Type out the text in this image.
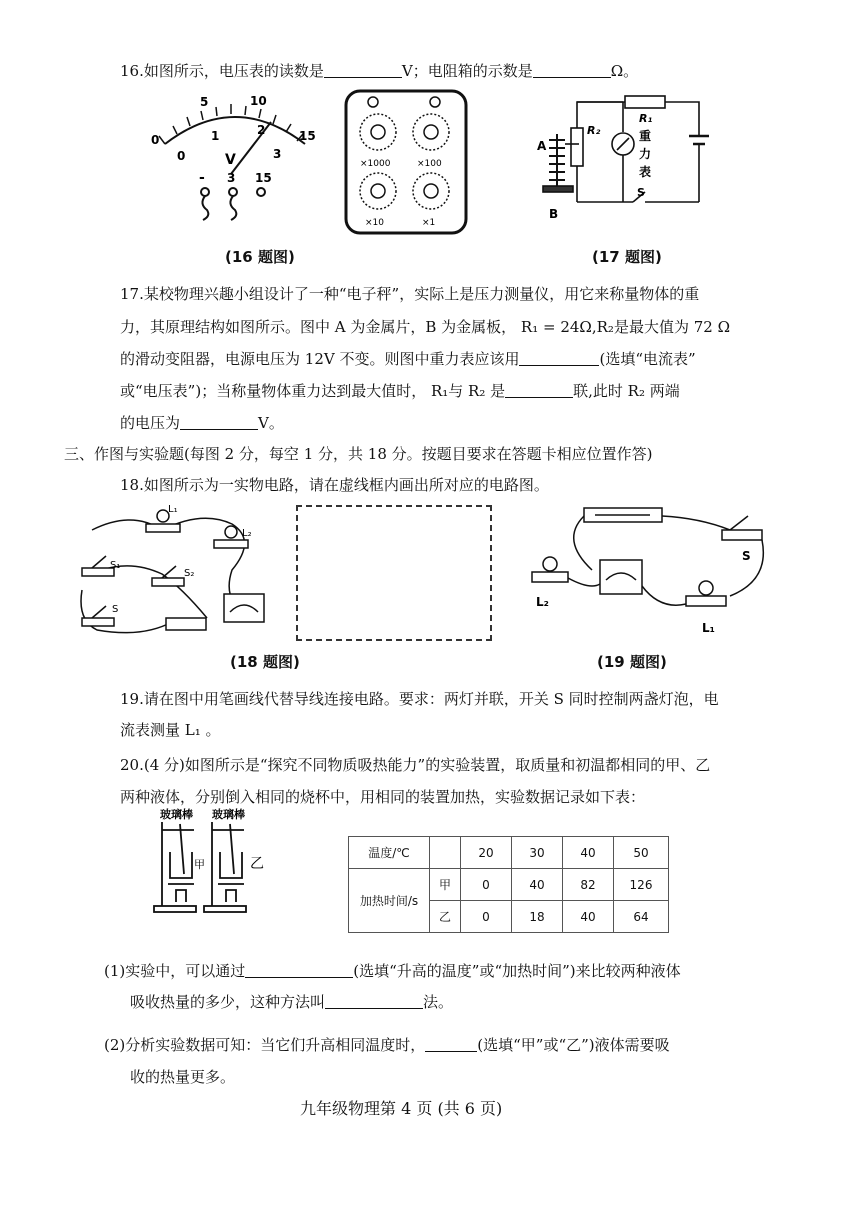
16.如图所示，电压表的读数是	V；电阻箱的示数是	Ω。
0
5	10
15
0
1	2
3
V
- 3 15
×1000	×100
×10	×1
A
B
R₁
R₂	重
力
表
S
(16 题图)	(17 题图)
17.某校物理兴趣小组设计了一种“电子秤”，实际上是压力测量仪，用它来称量物体的重
力，其原理结构如图所示。图中 A 为金属片，B 为金属板， R₁ = 24Ω,R₂是最大值为 72 Ω
的滑动变阻器，电源电压为 12V 不变。则图中重力表应该用	(选填“电流表”
或“电压表”)；当称量物体重力达到最大值时， R₁与 R₂ 是	联,此时 R₂ 两端
的电压为	V。
三、作图与实验题(每图 2 分，每空 1 分，共 18 分。按题目要求在答题卡相应位置作答)
18.如图所示为一实物电路，请在虚线框内画出所对应的电路图。
L₁
L₂
S₁
S₂
S
S
L₁
L₂
(18 题图)	(19 题图)
19.请在图中用笔画线代替导线连接电路。要求：两灯并联，开关 S 同时控制两盏灯泡，电
流表测量 L₁ 。
20.(4 分)如图所示是“探究不同物质吸热能力”的实验装置，取质量和初温都相同的甲、乙
两种液体，分别倒入相同的烧杯中，用相同的装置加热，实验数据记录如下表：
玻璃棒 玻璃棒
甲	乙
温度/℃		20	30	40	50
加热时间/s	甲	0	40	82	126
	乙	0	18	40	64
(1)实验中，可以通过	(选填“升高的温度”或“加热时间”)来比较两种液体
吸收热量的多少，这种方法叫	法。
(2)分析实验数据可知：当它们升高相同温度时，	(选填“甲”或“乙”)液体需要吸
收的热量更多。
九年级物理第 4 页 (共 6 页)
